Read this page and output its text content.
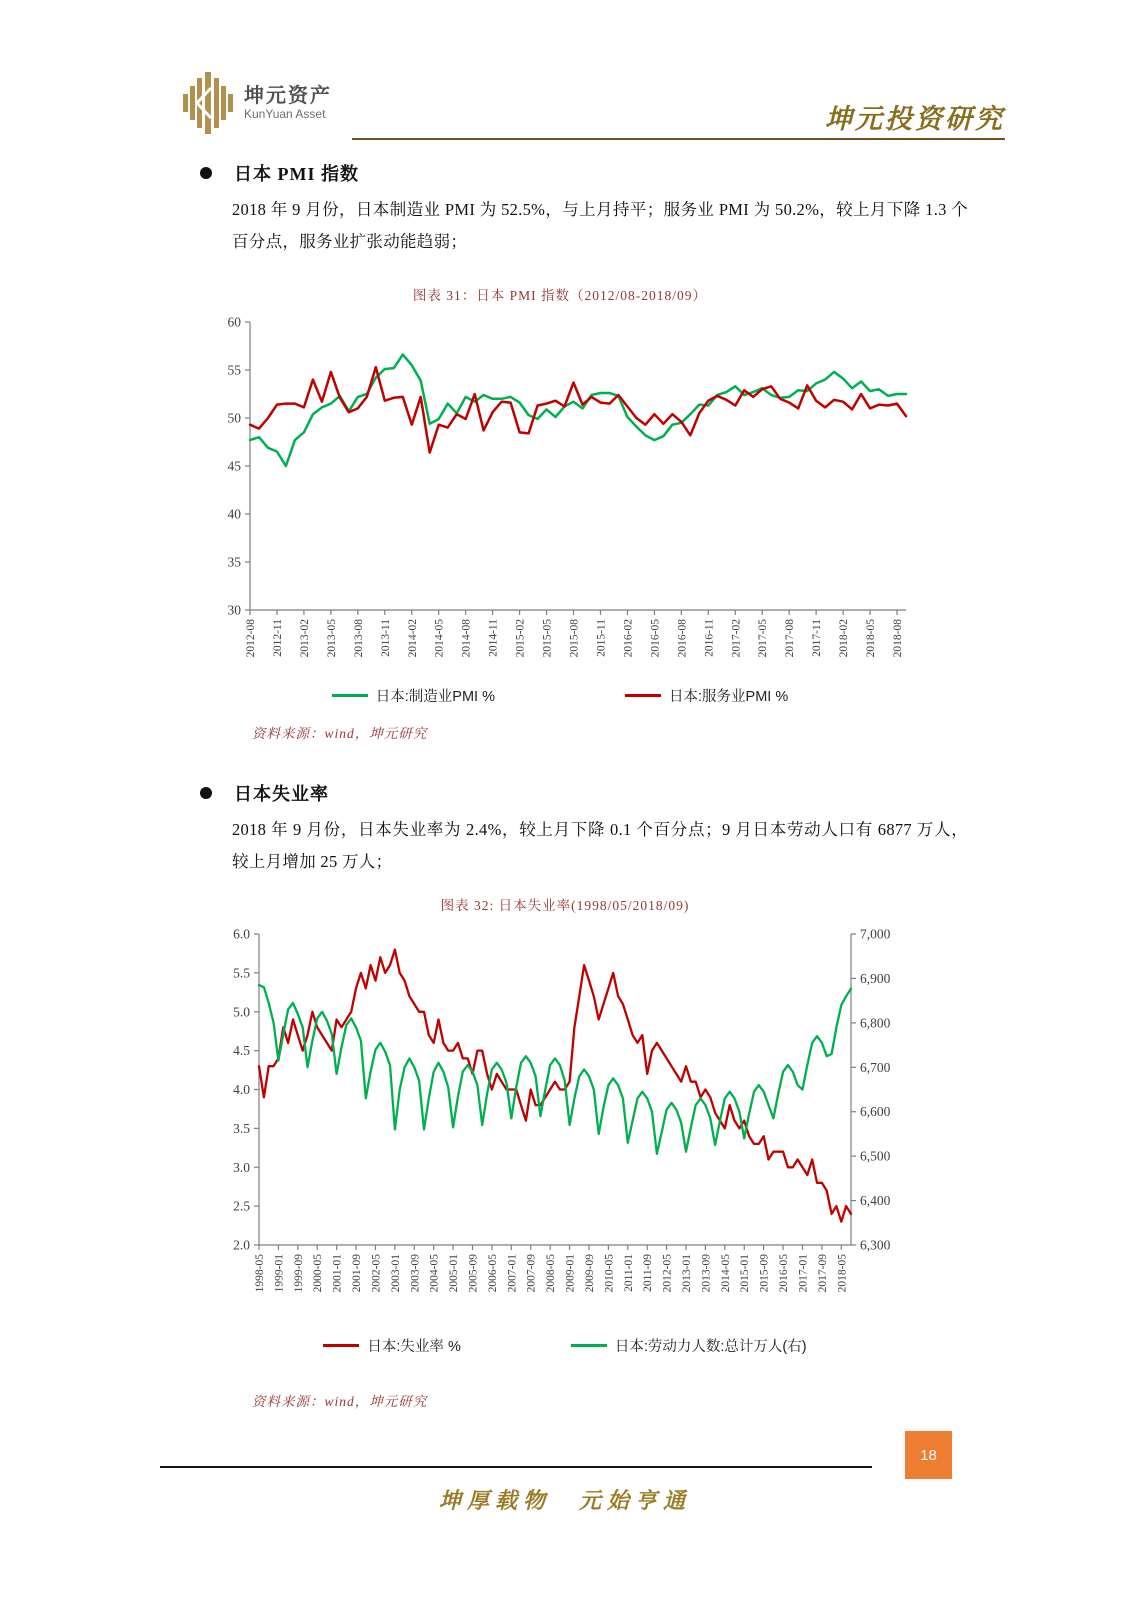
坤元资产
KunYuan Asset	坤元投资研究
日本 PMI 指数
2018 年 9 月份，日本制造业 PMI 为 52.5%，与上月持平；服务业 PMI 为 50.2%，较上月下降 1.3 个百分点，服务业扩张动能趋弱；
图表 31：日本 PMI 指数（2012/08-2018/09）
60
55
50
45
40
35
30
2012-08 2012-11 2013-02 2013-05 2013-08 2013-11 2014-02 2014-05 2014-08 2014-11 2015-02 2015-05 2015-08 2015-11 2016-02 2016-05 2016-08 2016-11 2017-02 2017-05 2017-08 2017-11 2018-02 2018-05 2018-08
日本:制造业PMI %	日本:服务业PMI %
资料来源：wind，坤元研究
日本失业率
2018 年 9 月份，日本失业率为 2.4%，较上月下降 0.1 个百分点；9 月日本劳动人口有 6877 万人，较上月增加 25 万人；
图表 32: 日本失业率(1998/05/2018/09)
6.0
5.5
5.0
4.5
4.0
3.5
3.0
2.5
2.0
7,000
6,900
6,800
6,700
6,600
6,500
6,400
6,300
1998-05 1999-01 1999-09 2000-05 2001-01 2001-09 2002-05 2003-01 2003-09 2004-05 2005-01 2005-09 2006-05 2007-01 2007-09 2008-05 2009-01 2009-09 2010-05 2011-01 2011-09 2012-05 2013-01 2013-09 2014-05 2015-01 2015-09 2016-05 2017-01 2017-09 2018-05
日本:失业率 %	日本:劳动力人数:总计万人(右)
资料来源：wind，坤元研究
18
坤厚载物　元始亨通
